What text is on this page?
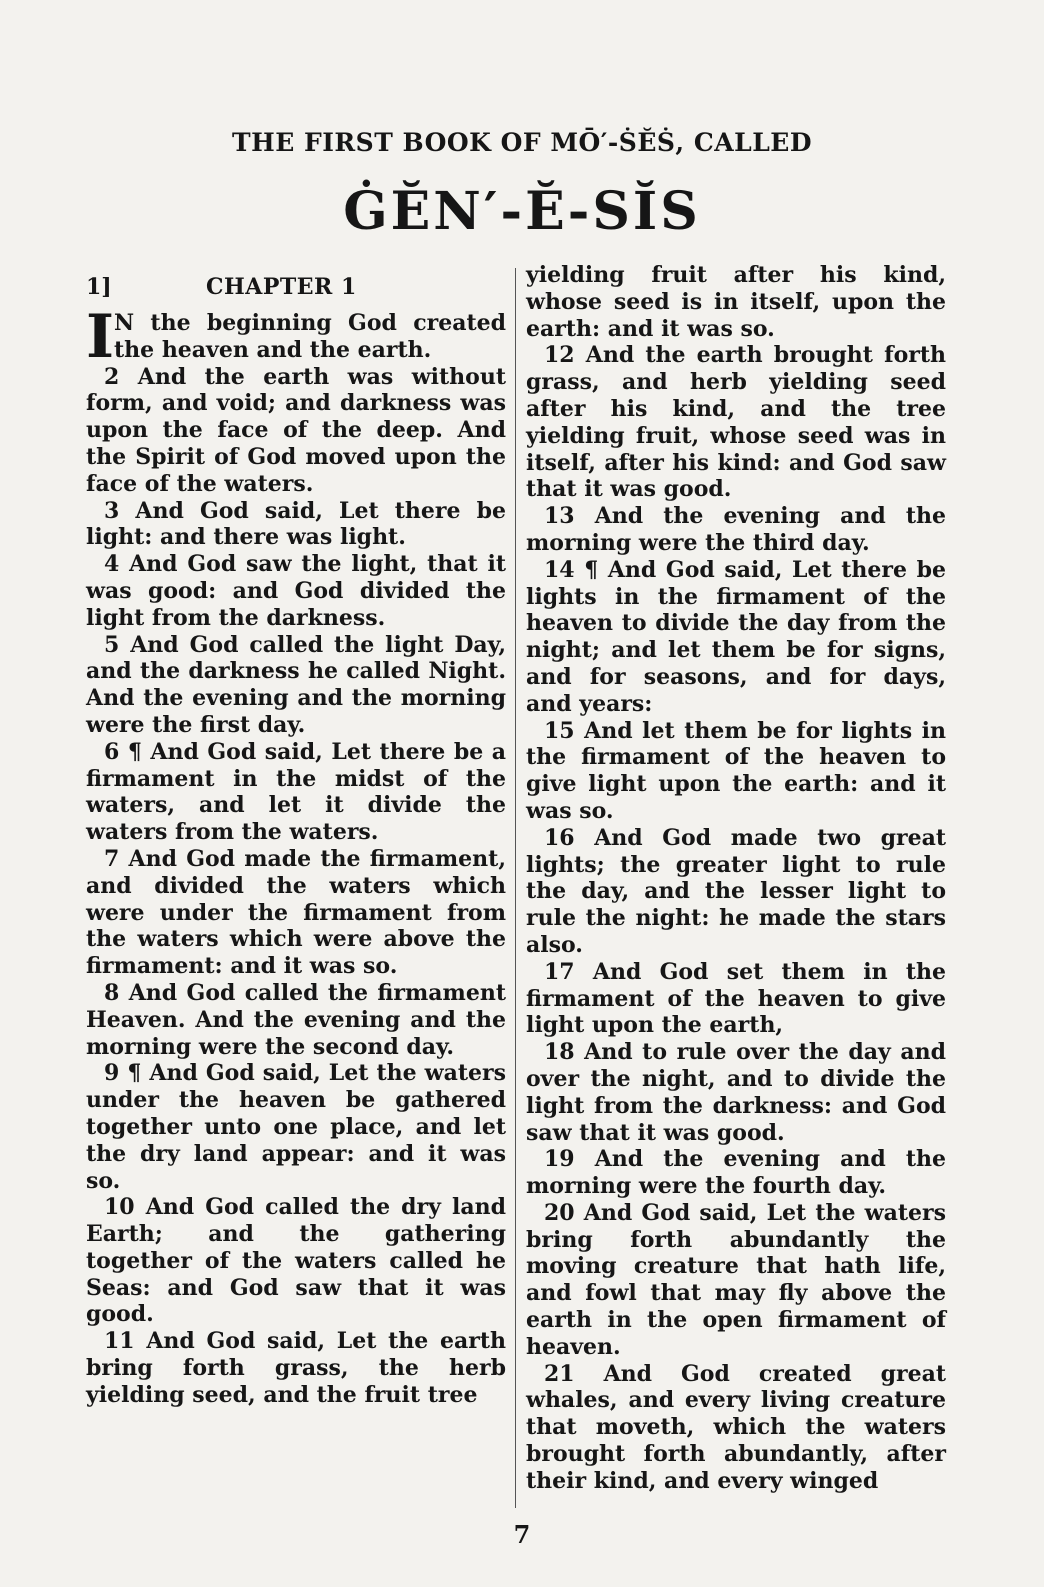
THE FIRST BOOK OF MŌ′-ṠĔṠ, CALLED
ĠĔN′-Ĕ-SĬS
1]	CHAPTER 1
I N the beginning God created the heaven and the earth.

2 And the earth was without form, and void; and darkness was upon the face of the deep. And the Spirit of God moved upon the face of the waters.

3 And God said, Let there be light: and there was light.

4 And God saw the light, that it was good: and God divided the light from the darkness.

5 And God called the light Day, and the darkness he called Night. And the evening and the morning were the first day.

6 ¶ And God said, Let there be a firmament in the midst of the waters, and let it divide the waters from the waters.

7 And God made the firmament, and divided the waters which were under the firmament from the waters which were above the firmament: and it was so.

8 And God called the firmament Heaven. And the evening and the morning were the second day.

9 ¶ And God said, Let the waters under the heaven be gathered together unto one place, and let the dry land appear: and it was so.

10 And God called the dry land Earth; and the gathering together of the waters called he Seas: and God saw that it was good.

11 And God said, Let the earth bring forth grass, the herb yielding seed, and the fruit tree

yielding fruit after his kind, whose seed is in itself, upon the earth: and it was so.

12 And the earth brought forth grass, and herb yielding seed after his kind, and the tree yielding fruit, whose seed was in itself, after his kind: and God saw that it was good.

13 And the evening and the morning were the third day.

14 ¶ And God said, Let there be lights in the firmament of the heaven to divide the day from the night; and let them be for signs, and for seasons, and for days, and years:

15 And let them be for lights in the firmament of the heaven to give light upon the earth: and it was so.

16 And God made two great lights; the greater light to rule the day, and the lesser light to rule the night: he made the stars also.

17 And God set them in the firmament of the heaven to give light upon the earth,

18 And to rule over the day and over the night, and to divide the light from the darkness: and God saw that it was good.

19 And the evening and the morning were the fourth day.

20 And God said, Let the waters bring forth abundantly the moving creature that hath life, and fowl that may fly above the earth in the open firmament of heaven.

21 And God created great whales, and every living creature that moveth, which the waters brought forth abundantly, after their kind, and every winged

7
